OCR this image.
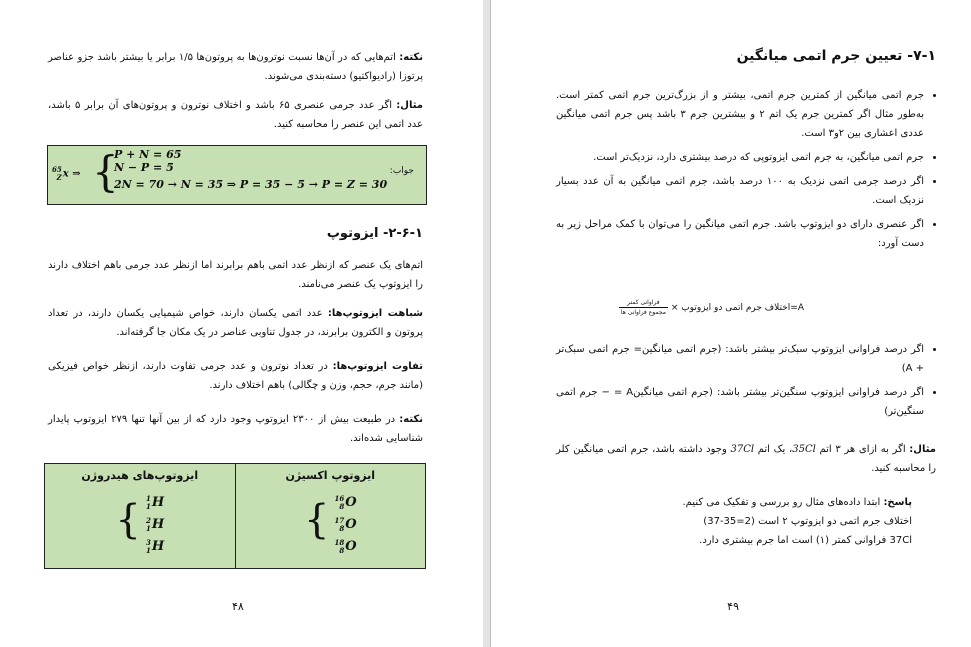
نکته: اتم‌هایی که در آن‌ها نسبت نوترون‌ها به پروتون‌ها ۱/۵ برابر یا بیشتر باشد جزو عناصر پرتوزا (رادیواکتیو) دسته‌بندی می‌شوند.
مثال: اگر عدد جرمی عنصری ۶۵ باشد و اختلاف نوترون و پروتون‌های آن برابر ۵ باشد، عدد اتمی این عنصر را محاسبه کنید.
65
Z x ⇒ {
P + N = 65
N − P = 5
2N = 70 → N = 35 ⇒ P = 35 − 5 → P = Z = 30
جواب:
۲-۶-۱- ایزوتوپ
اتم‌های یک عنصر که ازنظر عدد اتمی باهم برابرند اما ازنظر عدد جرمی باهم اختلاف دارند را ایزوتوپ یک عنصر می‌نامند.
شباهت ایزوتوپ‌ها: عدد اتمی یکسان دارند، خواص شیمیایی یکسان دارند، در تعداد پروتون و الکترون برابرند، در جدول تناوبی عناصر در یک مکان جا گرفته‌اند.
تفاوت ایزوتوپ‌ها: در تعداد نوترون و عدد جرمی تفاوت دارند، ازنظر خواص فیزیکی (مانند جرم، حجم، وزن و چگالی) باهم اختلاف دارند.
نکته: در طبیعت بیش از ۲۳۰۰ ایزوتوپ وجود دارد که از بین آنها تنها ۲۷۹ ایزوتوپ پایدار شناسایی شده‌اند.
ایزوتوپ اکسیژن
{ 16
8 O
17
8 O
18
8 O

ایزوتوپ‌های هیدروژن
{ 1
1 H
2
1 H
3
1 H
۴۸
۷-۱- تعیین جرم اتمی میانگین
• جرم اتمی میانگین از کمترین جرم اتمی، بیشتر و از بزرگ‌ترین جرم اتمی کمتر است. به‌طور مثال اگر کمترین جرم یک اتم ۲ و بیشترین جرم ۳ باشد پس جرم اتمی میانگین عددی اعشاری بین ۲و۳ است.
• جرم اتمی میانگین، به جرم اتمی ایزوتوپی که درصد بیشتری دارد، نزدیک‌تر است.
• اگر درصد جرمی اتمی نزدیک به ۱۰۰ درصد باشد، جرم اتمی میانگین به آن عدد بسیار نزدیک است.
• اگر عنصری دارای دو ایزوتوپ باشد. جرم اتمی میانگین را می‌توان با کمک مراحل زیر به دست آورد:
A=اختلاف جرم اتمی دو ایزوتوپ ×
$\frac{\text{فراوانی کمتر}}{\text{مجموع فراوانی ها}}$
• اگر درصد فراوانی ایزوتوپ سبک‌تر بیشتر باشد: (جرم اتمی میانگین= جرم اتمی سبک‌تر + A)
• اگر درصد فراوانی ایزوتوپ سنگین‌تر بیشتر باشد: (جرم اتمی میانگینA = − جرم اتمی سنگین‌تر)
مثال: اگر به ازای هر ۳ اتم 35Cl، یک اتم 37Cl وجود داشته باشد، جرم اتمی میانگین کلر را محاسبه کنید.
پاسخ: ابتدا داده‌های مثال رو بررسی و تفکیک می کنیم.
اختلاف جرم اتمی دو ایزوتوپ ۲ است (2=35-37)
37Cl فراوانی کمتر (۱) است اما جرم بیشتری دارد.
۴۹
